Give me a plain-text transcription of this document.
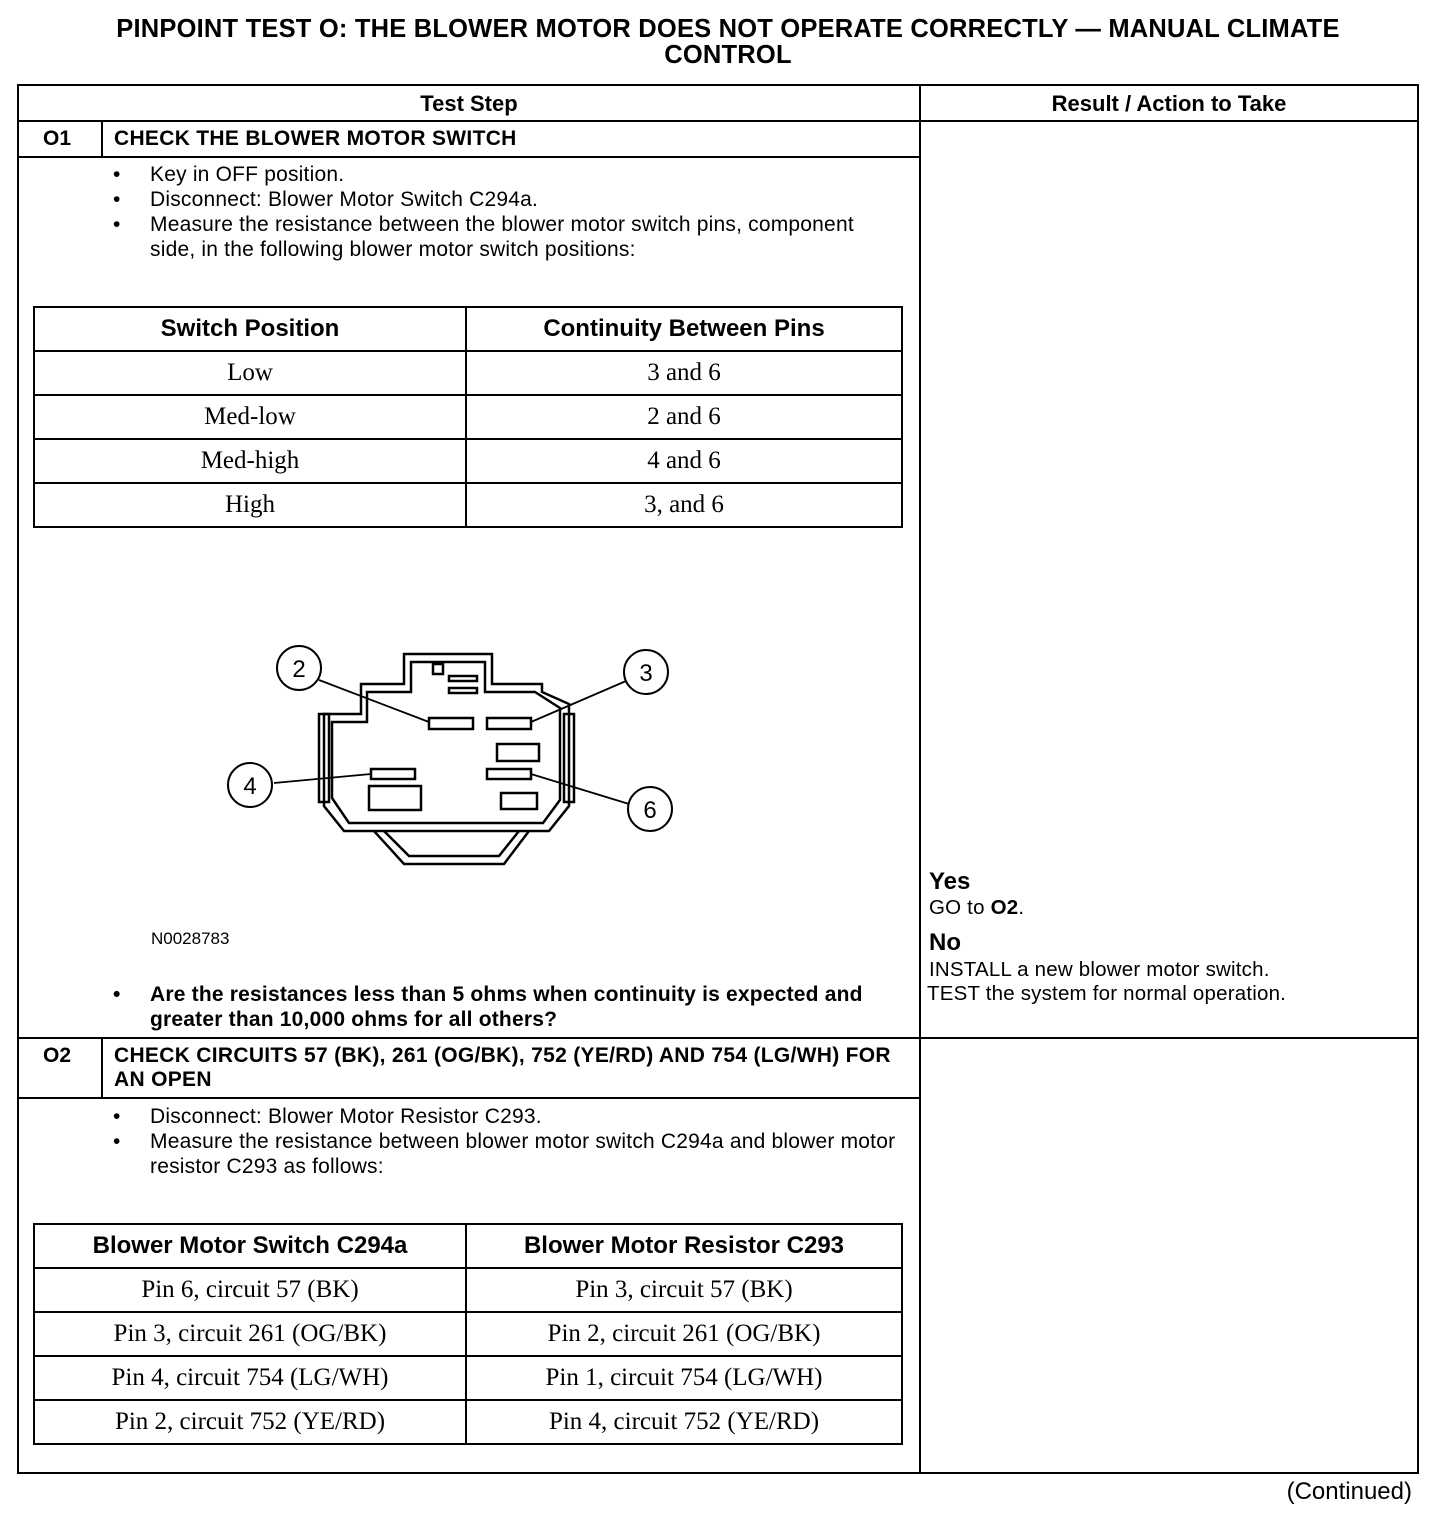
PINPOINT TEST O: THE BLOWER MOTOR DOES NOT OPERATE CORRECTLY — MANUAL CLIMATE
CONTROL
Test Step	Result / Action to Take
O1 CHECK THE BLOWER MOTOR SWITCH
• Key in OFF position.
• Disconnect: Blower Motor Switch C294a.
• Measure the resistance between the blower motor switch pins, component side, in the following blower motor switch positions:
Switch Position	Continuity Between Pins
Low	3 and 6
Med-low	2 and 6
Med-high	4 and 6
High	3, and 6
2	3
4
6
N0028783
• Are the resistances less than 5 ohms when continuity is expected and greater than 10,000 ohms for all others?
Yes
GO to O2.
No
INSTALL a new blower motor switch.
TEST the system for normal operation.
O2 CHECK CIRCUITS 57 (BK), 261 (OG/BK), 752 (YE/RD) AND 754 (LG/WH) FOR AN OPEN
• Disconnect: Blower Motor Resistor C293.
• Measure the resistance between blower motor switch C294a and blower motor resistor C293 as follows:
Blower Motor Switch C294a	Blower Motor Resistor C293
Pin 6, circuit 57 (BK)	Pin 3, circuit 57 (BK)
Pin 3, circuit 261 (OG/BK)	Pin 2, circuit 261 (OG/BK)
Pin 4, circuit 754 (LG/WH)	Pin 1, circuit 754 (LG/WH)
Pin 2, circuit 752 (YE/RD)	Pin 4, circuit 752 (YE/RD)
(Continued)
